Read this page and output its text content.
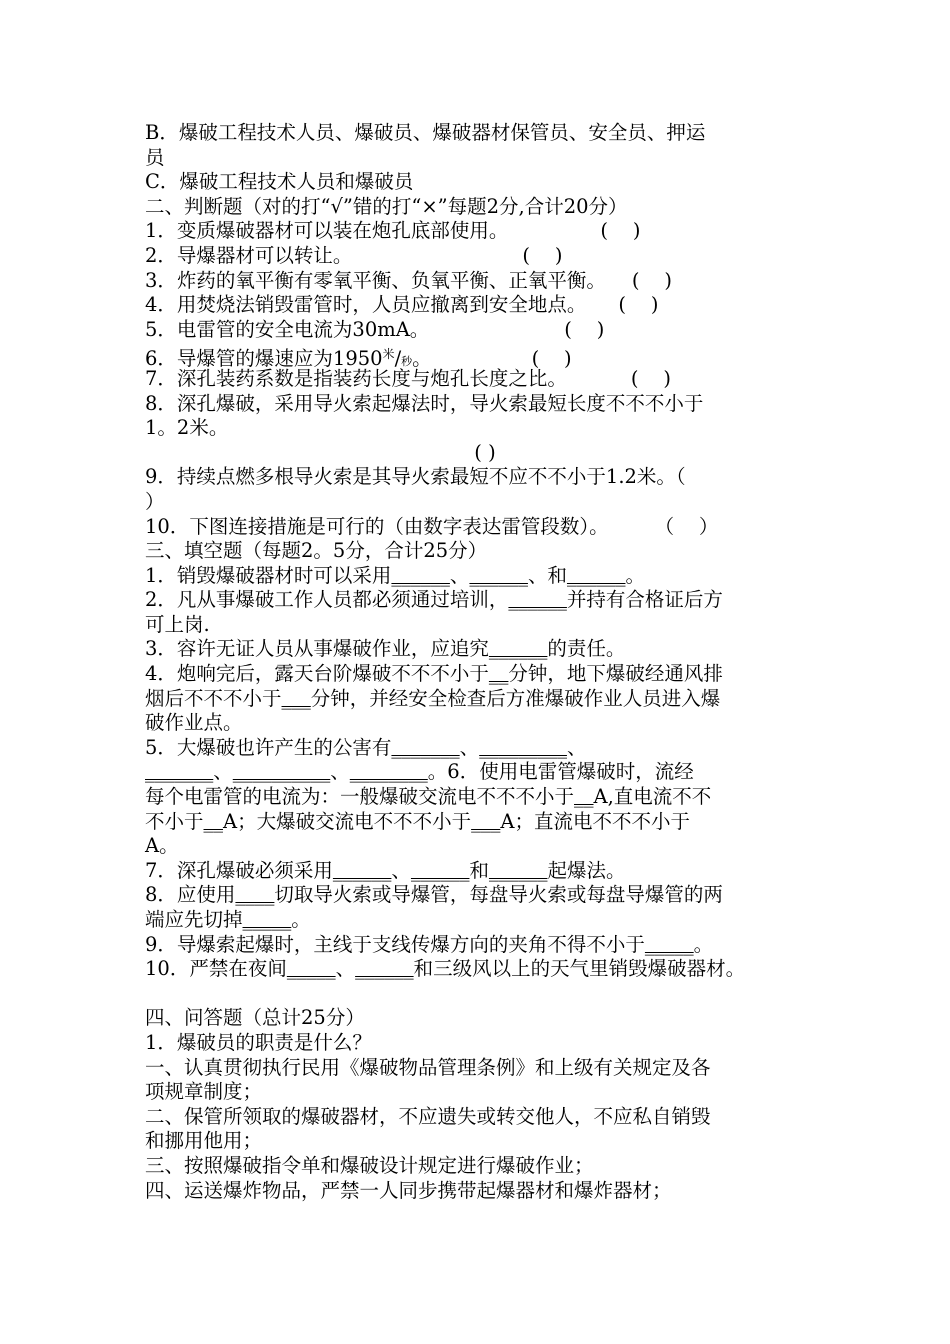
B．爆破工程技术人员、爆破员、爆破器材保管员、安全员、押运
员
C．爆破工程技术人员和爆破员
二、判断题（对的打“√”错的打“×”每题2分,合计20分）
1．变质爆破器材可以装在炮孔底部使用。	(    )
2．导爆器材可以转让。	(    )
3．炸药的氧平衡有零氧平衡、负氧平衡、正氧平衡。 (    )
4．用焚烧法销毁雷管时，人员应撤离到安全地点。 (    )
5．电雷管的安全电流为30mA。	(    )
6．导爆管的爆速应为$1950^米/$秒。	(    )
7．深孔装药系数是指装药长度与炮孔长度之比。	(    )
8．深孔爆破，采用导火索起爆法时，导火索最短长度不不不小于
1。2米。
( )
9．持续点燃多根导火索是其导火索最短不应不不小于1.2米。（
）
10．下图连接措施是可行的（由数字表达雷管段数）。 （    ）
三、填空题（每题2。5分，合计25分）
1．销毁爆破器材时可以采用______、______、和______。
2．凡从事爆破工作人员都必须通过培训，______并持有合格证后方
可上岗.
3．容许无证人员从事爆破作业，应追究______的责任。
4．炮响完后，露天台阶爆破不不不小于__分钟，地下爆破经通风排
烟后不不不小于___分钟，并经安全检查后方准爆破作业人员进入爆
破作业点。
5．大爆破也许产生的公害有_______、_________、
_______、__________、________。6．使用电雷管爆破时，流经
每个电雷管的电流为：一般爆破交流电不不不小于__A,直电流不不
不小于__A；大爆破交流电不不不小于___A；直流电不不不小于
A。
7．深孔爆破必须采用______、______和______起爆法。
8．应使用____切取导火索或导爆管，每盘导火索或每盘导爆管的两
端应先切掉_____。
9．导爆索起爆时，主线于支线传爆方向的夹角不得不小于_____。
10．严禁在夜间_____、______和三级风以上的天气里销毁爆破器材。
四、问答题（总计25分）
1．爆破员的职责是什么？
一、认真贯彻执行民用《爆破物品管理条例》和上级有关规定及各
项规章制度；
二、保管所领取的爆破器材，不应遗失或转交他人，不应私自销毁
和挪用他用；
三、按照爆破指令单和爆破设计规定进行爆破作业；
四、运送爆炸物品，严禁一人同步携带起爆器材和爆炸器材；
